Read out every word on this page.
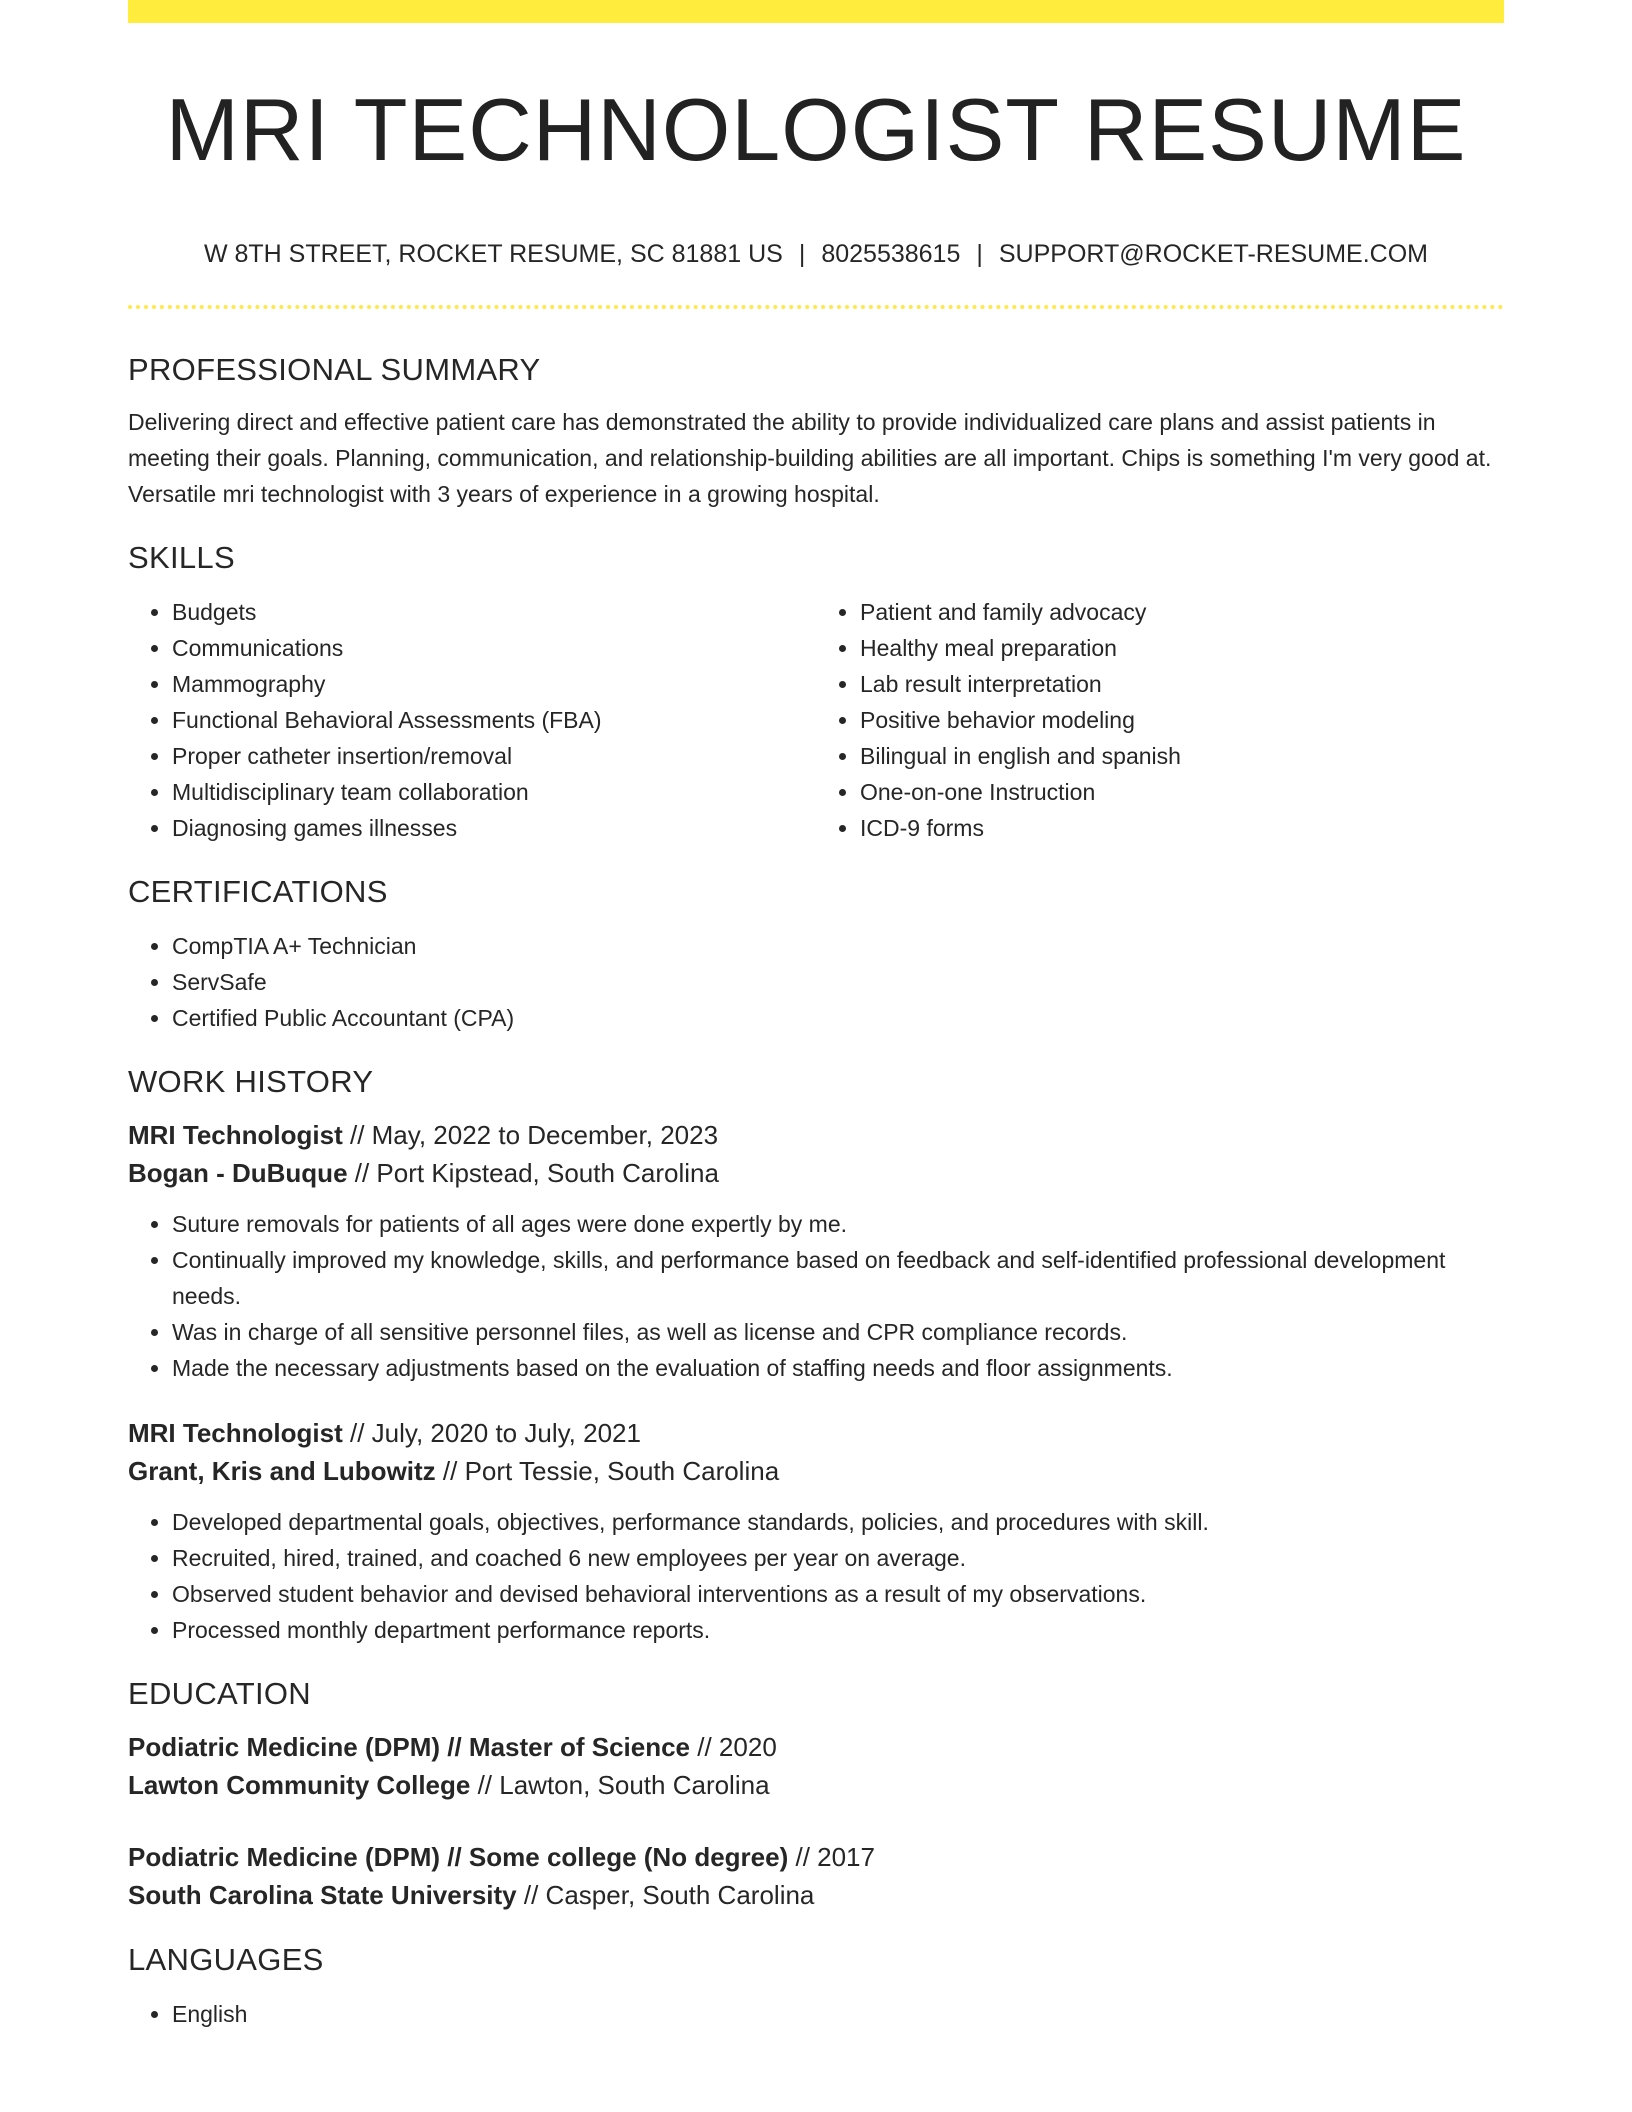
MRI TECHNOLOGIST RESUME
W 8TH STREET, ROCKET RESUME, SC 81881 US | 8025538615 | SUPPORT@ROCKET-RESUME.COM
PROFESSIONAL SUMMARY

Delivering direct and effective patient care has demonstrated the ability to provide individualized care plans and assist patients in meeting their goals. Planning, communication, and relationship-building abilities are all important. Chips is something I'm very good at. Versatile mri technologist with 3 years of experience in a growing hospital.

SKILLS
• Budgets
• Communications
• Mammography
• Functional Behavioral Assessments (FBA)
• Proper catheter insertion/removal
• Multidisciplinary team collaboration
• Diagnosing games illnesses
• Patient and family advocacy
• Healthy meal preparation
• Lab result interpretation
• Positive behavior modeling
• Bilingual in english and spanish
• One-on-one Instruction
• ICD-9 forms
CERTIFICATIONS
• CompTIA A+ Technician
• ServSafe
• Certified Public Accountant (CPA)
WORK HISTORY
MRI Technologist // May, 2022 to December, 2023
Bogan - DuBuque // Port Kipstead, South Carolina
• Suture removals for patients of all ages were done expertly by me.
• Continually improved my knowledge, skills, and performance based on feedback and self-identified professional development needs.
• Was in charge of all sensitive personnel files, as well as license and CPR compliance records.
• Made the necessary adjustments based on the evaluation of staffing needs and floor assignments.
MRI Technologist // July, 2020 to July, 2021
Grant, Kris and Lubowitz // Port Tessie, South Carolina
• Developed departmental goals, objectives, performance standards, policies, and procedures with skill.
• Recruited, hired, trained, and coached 6 new employees per year on average.
• Observed student behavior and devised behavioral interventions as a result of my observations.
• Processed monthly department performance reports.
EDUCATION
Podiatric Medicine (DPM) // Master of Science // 2020
Lawton Community College // Lawton, South Carolina
Podiatric Medicine (DPM) // Some college (No degree) // 2017
South Carolina State University // Casper, South Carolina
LANGUAGES
• English
